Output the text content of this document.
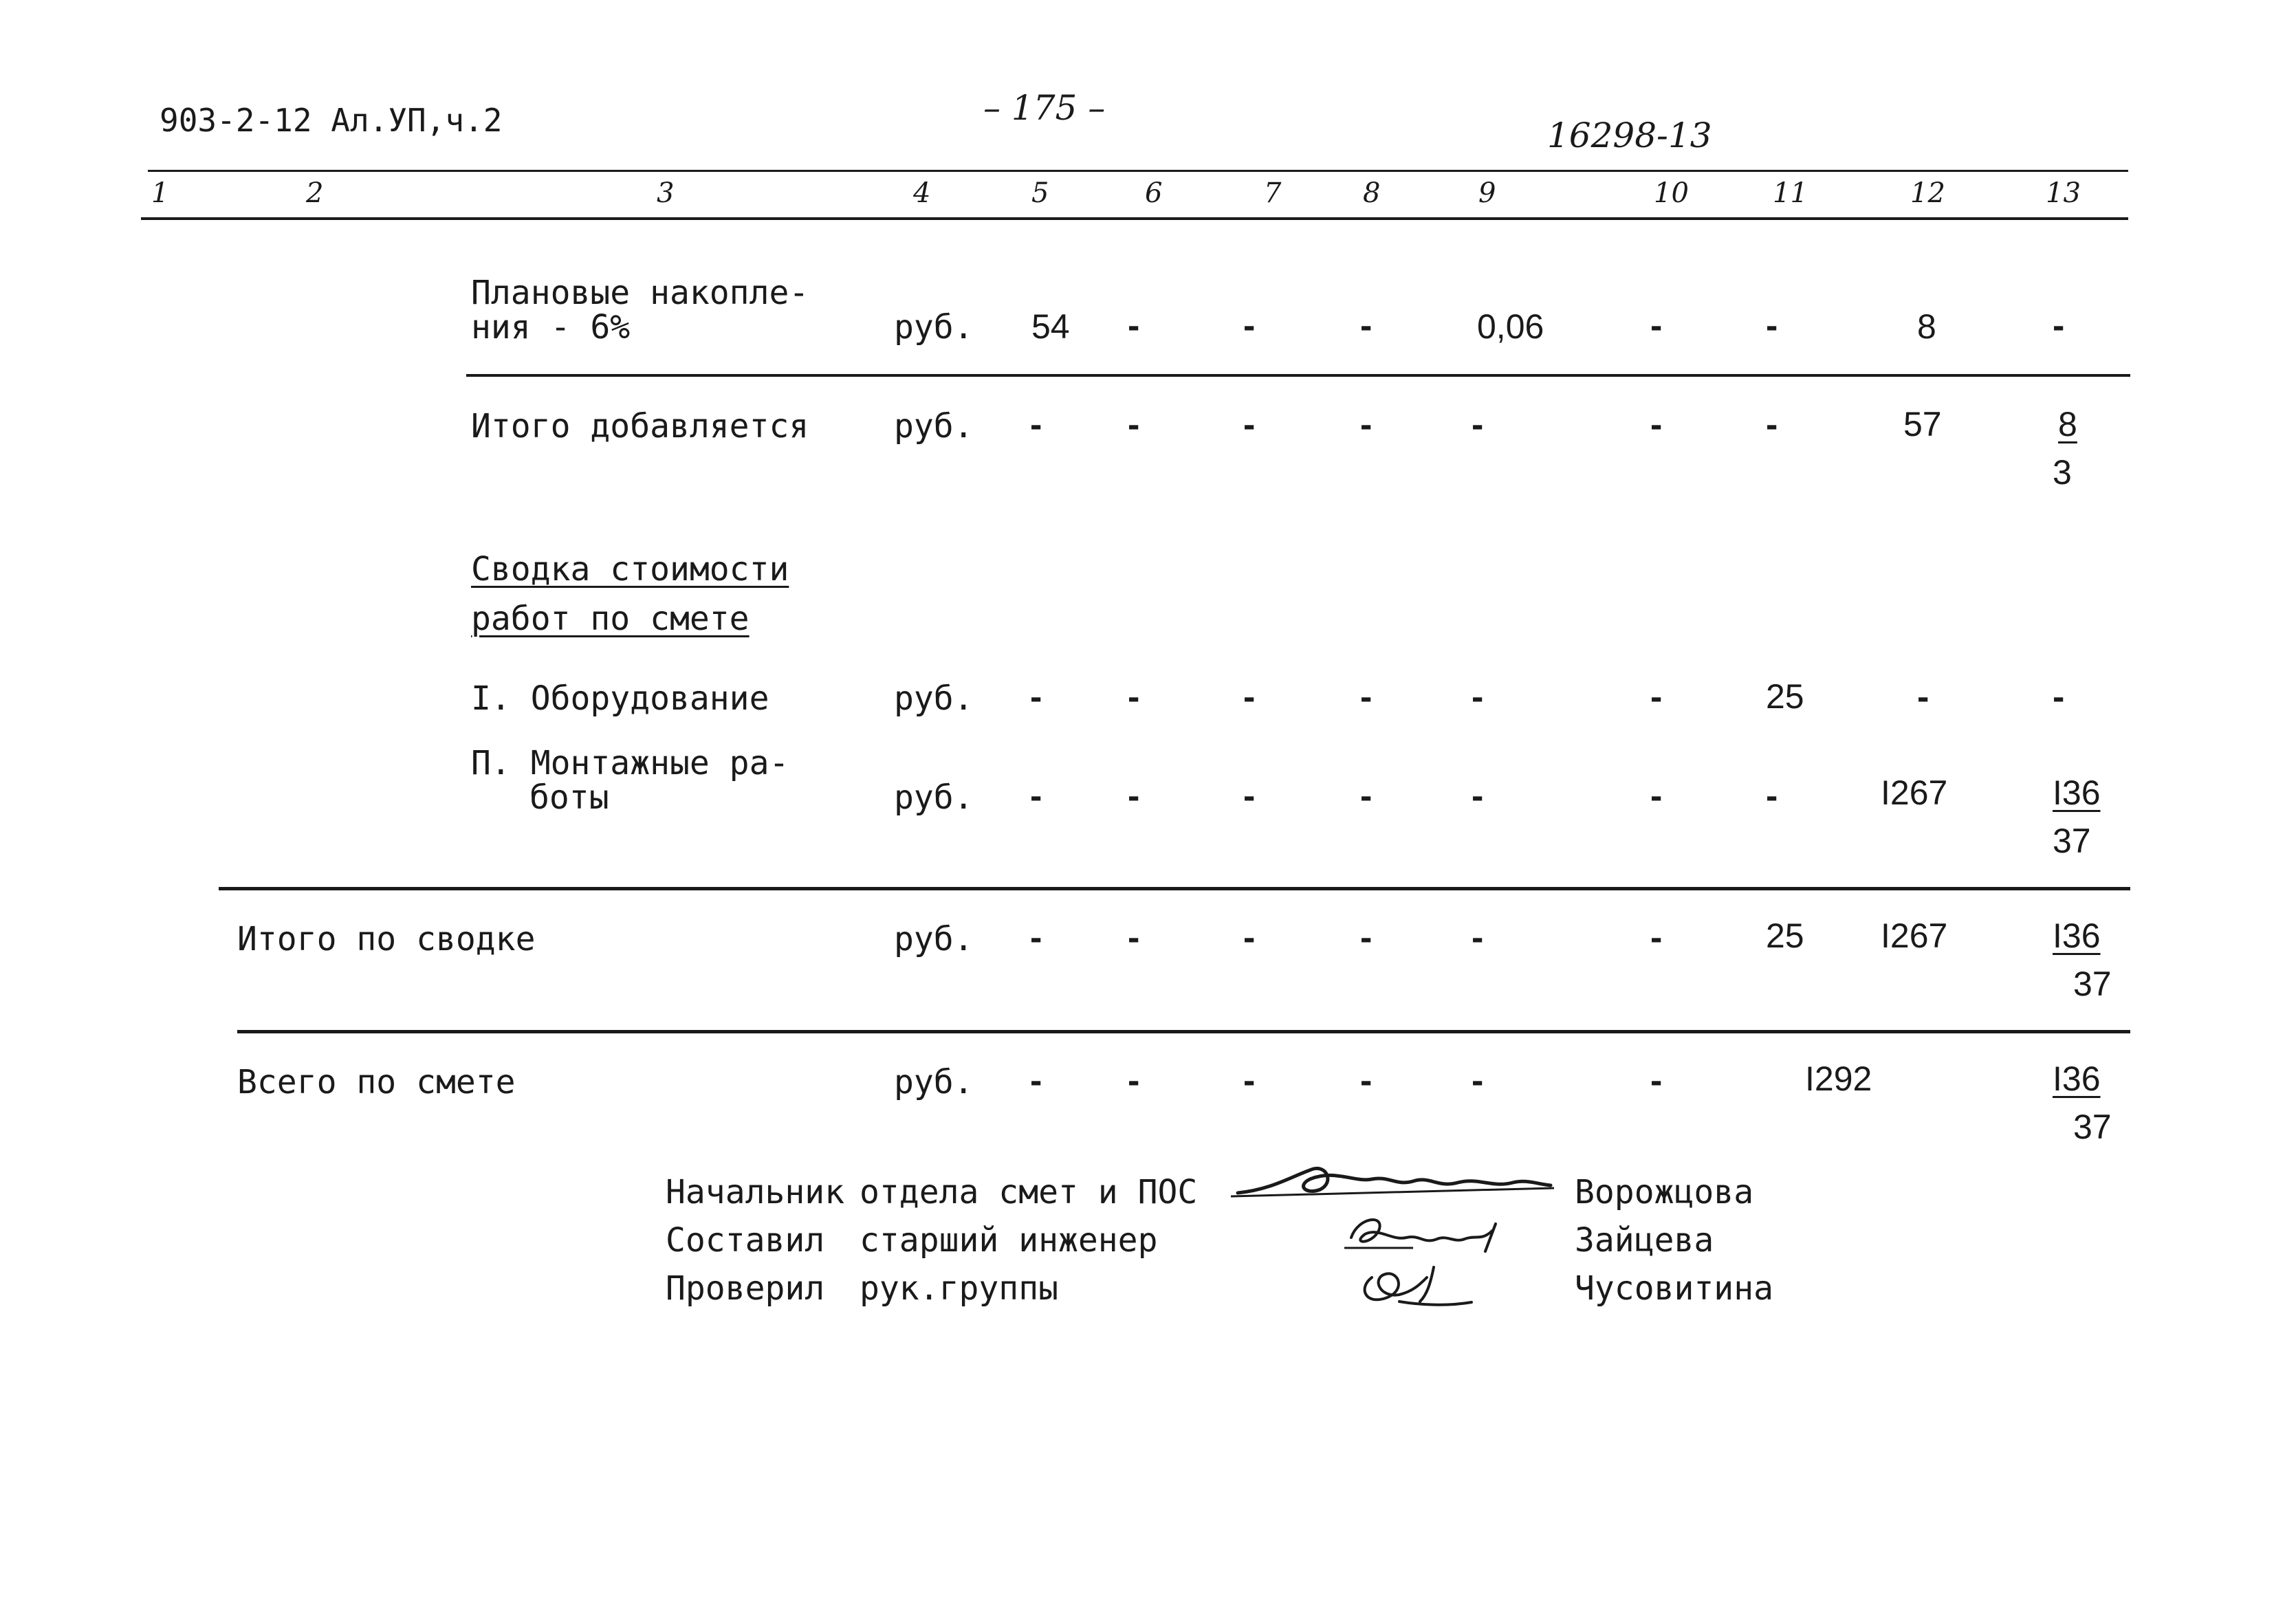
903-2-12 Ал.УП,ч.2	– 175 –
16298-13
1	2	3	4	5	6	7	8	9	10	11	12	13
Плановые накопле-
ния - 6%	руб. 54 -	-	-	0,06	-	-	8	-
Итого добавляется	руб. - -	-	-	-	-	-	57	8
3
Сводка стоимости
работ по смете
I. Оборудование	руб. - -	-	-	-	-	25	-	-
П. Монтажные ра-
боты	руб. - -	-	-	-	-	-	I267	I36
37
Итого по сводке	руб. - -	-	-	-	-	25 I267	I36
37
Всего по смете	руб. - -	-	-	-	-	I292	I36
37
Начальник отдела смет и ПОС	Ворожцова
Составил старший инженер	Зайцева
Проверил рук.группы	Чусовитина
